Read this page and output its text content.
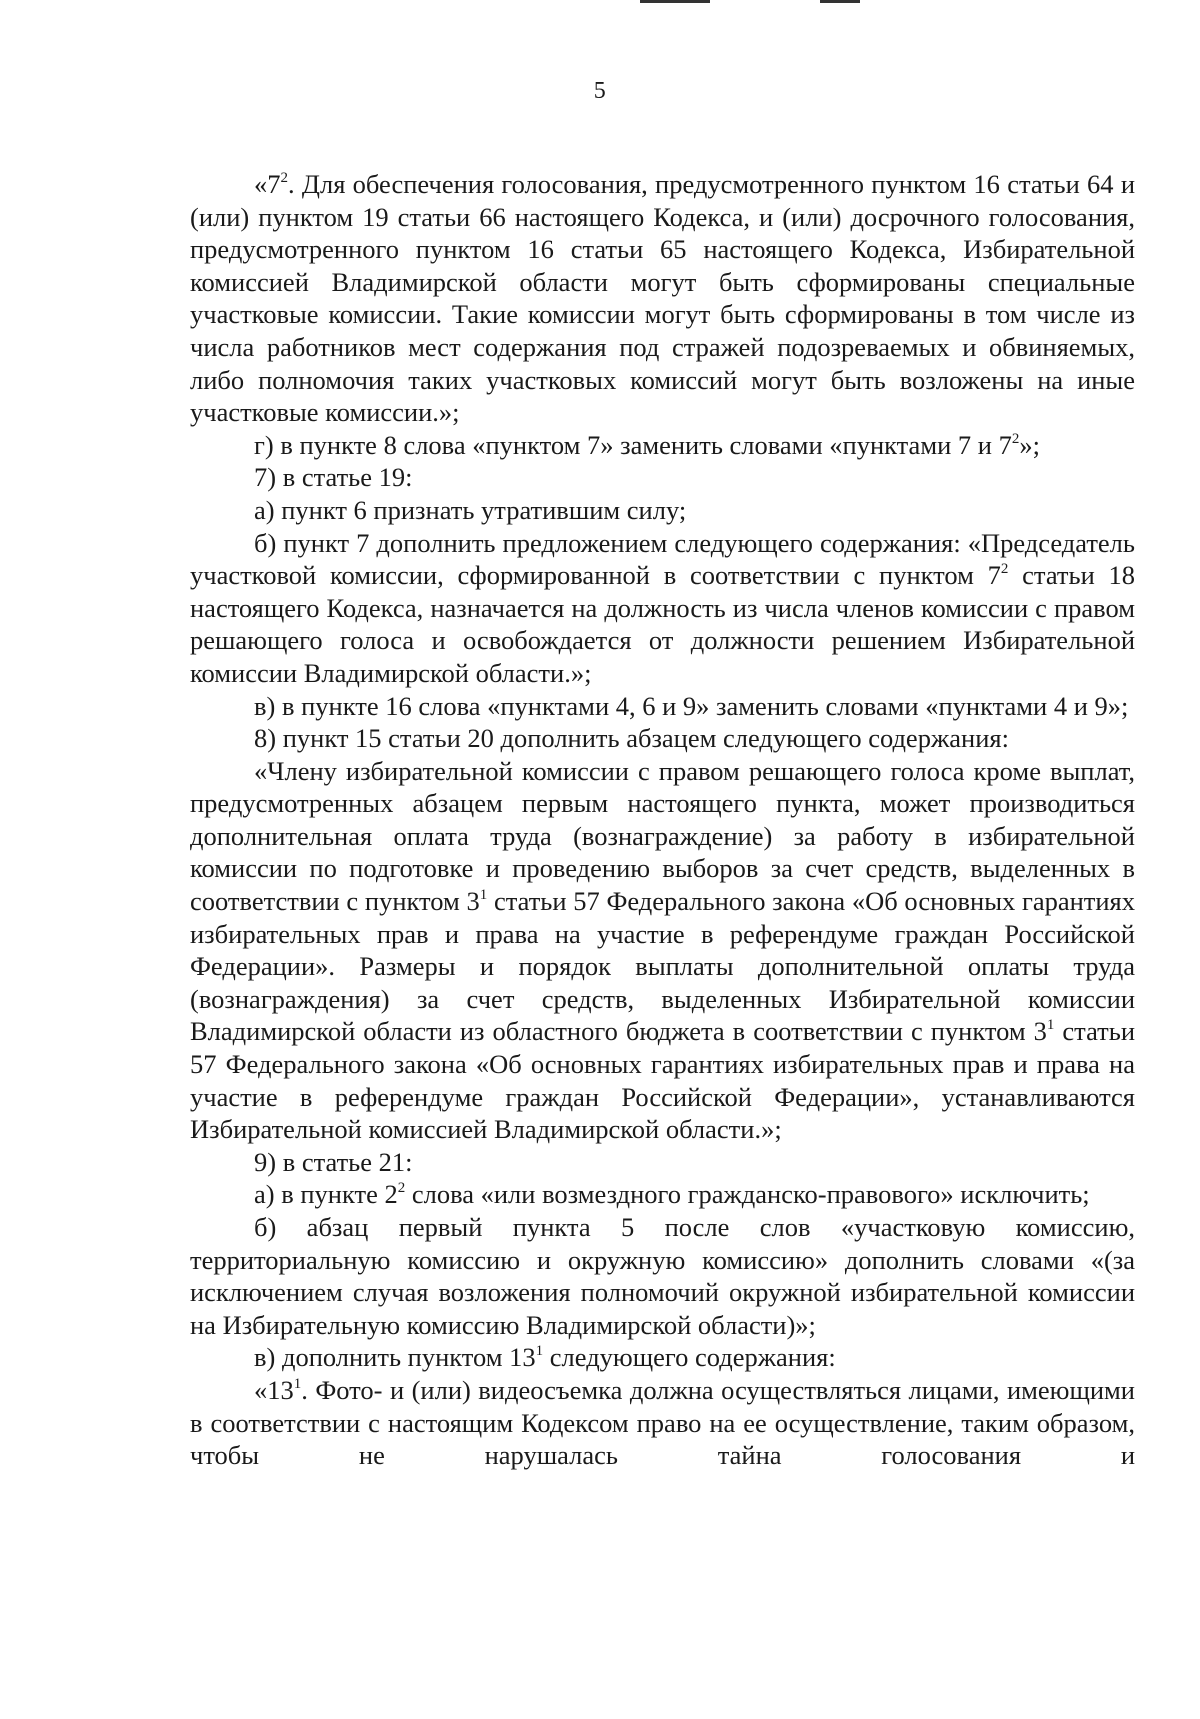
5

«$7^2$. Для обеспечения голосования, предусмотренного пунктом 16 статьи 64 и (или) пунктом 19 статьи 66 настоящего Кодекса, и (или) досрочного голосования, предусмотренного пунктом 16 статьи 65 настоящего Кодекса, Избирательной комиссией Владимирской области могут быть сформированы специальные участковые комиссии. Такие комиссии могут быть сформированы в том числе из числа работников мест содержания под стражей подозреваемых и обвиняемых, либо полномочия таких участковых комиссий могут быть возложены на иные участковые комиссии.»;

г) в пункте 8 слова «пунктом 7» заменить словами «пунктами 7 и $7^2$»;

7) в статье 19:

а) пункт 6 признать утратившим силу;

б) пункт 7 дополнить предложением следующего содержания: «Председатель участковой комиссии, сформированной в соответствии с пунктом $7^2$ статьи 18 настоящего Кодекса, назначается на должность из числа членов комиссии с правом решающего голоса и освобождается от должности решением Избирательной комиссии Владимирской области.»;

в) в пункте 16 слова «пунктами 4, 6 и 9» заменить словами «пунктами 4 и 9»;

8) пункт 15 статьи 20 дополнить абзацем следующего содержания:

«Члену избирательной комиссии с правом решающего голоса кроме выплат, предусмотренных абзацем первым настоящего пункта, может производиться дополнительная оплата труда (вознаграждение) за работу в избирательной комиссии по подготовке и проведению выборов за счет средств, выделенных в соответствии с пунктом $3^1$ статьи 57 Федерального закона «Об основных гарантиях избирательных прав и права на участие в референдуме граждан Российской Федерации». Размеры и порядок выплаты дополнительной оплаты труда (вознаграждения) за счет средств, выделенных Избирательной комиссии Владимирской области из областного бюджета в соответствии с пунктом $3^1$ статьи 57 Федерального закона «Об основных гарантиях избирательных прав и права на участие в референдуме граждан Российской Федерации», устанавливаются Избирательной комиссией Владимирской области.»;

9) в статье 21:

а) в пункте $2^2$ слова «или возмездного гражданско-правового» исключить;

б) абзац первый пункта 5 после слов «участковую комиссию, территориальную комиссию и окружную комиссию» дополнить словами «(за исключением случая возложения полномочий окружной избирательной комиссии на Избирательную комиссию Владимирской области)»;

в) дополнить пунктом $13^1$ следующего содержания:

«$13^1$. Фото- и (или) видеосъемка должна осуществляться лицами, имеющими в соответствии с настоящим Кодексом право на ее осуществление, таким образом, чтобы не нарушалась тайна голосования и
